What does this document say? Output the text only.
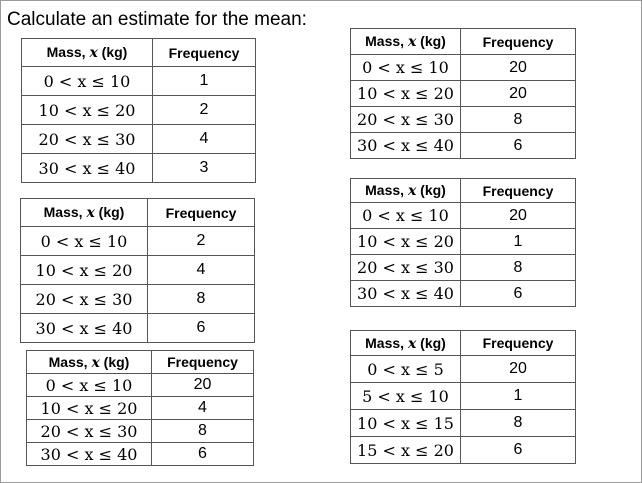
Calculate an estimate for the mean:
Mass, x (kg)	Frequency
0 < x ≤ 10	1
10 < x ≤ 20	2
20 < x ≤ 30	4
30 < x ≤ 40	3
Mass, x (kg)	Frequency
0 < x ≤ 10	2
10 < x ≤ 20	4
20 < x ≤ 30	8
30 < x ≤ 40	6
Mass, x (kg)	Frequency
0 < x ≤ 10	20
10 < x ≤ 20	4
20 < x ≤ 30	8
30 < x ≤ 40	6
Mass, x (kg)	Frequency
0 < x ≤ 10	20
10 < x ≤ 20	20
20 < x ≤ 30	8
30 < x ≤ 40	6
Mass, x (kg)	Frequency
0 < x ≤ 10	20
10 < x ≤ 20	1
20 < x ≤ 30	8
30 < x ≤ 40	6
Mass, x (kg)	Frequency
0 < x ≤ 5	20
5 < x ≤ 10	1
10 < x ≤ 15	8
15 < x ≤ 20	6
